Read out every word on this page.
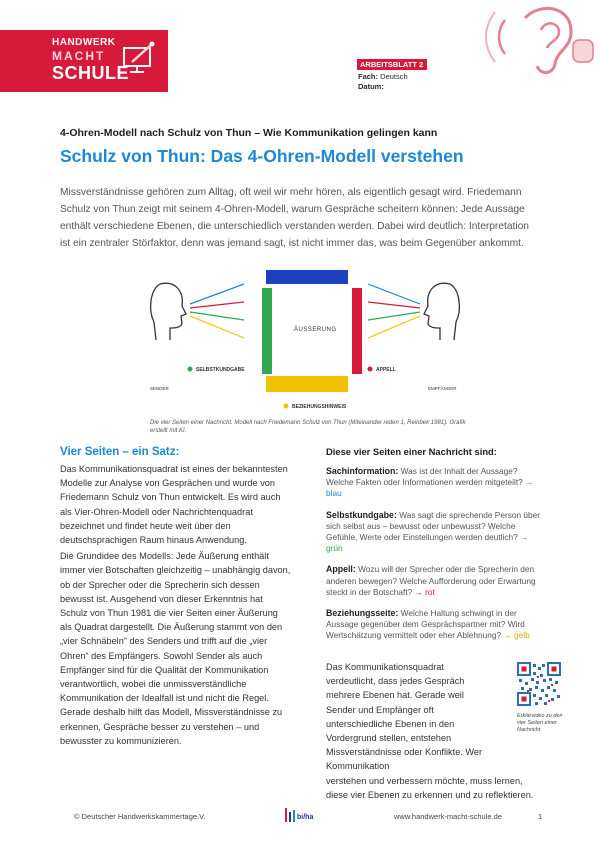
HANDWERK
MACHT
SCHULE	ARBEITSBLATT 2
Fach: Deutsch
Datum:
4-Ohren-Modell nach Schulz von Thun – Wie Kommunikation gelingen kann
Schulz von Thun: Das 4-Ohren-Modell verstehen

Missverständnisse gehören zum Alltag, oft weil wir mehr hören, als eigentlich gesagt wird. Friedemann Schulz von Thun zeigt mit seinem 4-Ohren-Modell, warum Gespräche scheitern können: Jede Aussage enthält verschiedene Ebenen, die unterschiedlich verstanden werden. Dabei wird deutlich: Interpretation ist ein zentraler Störfaktor, denn was jemand sagt, ist nicht immer das, was beim Gegenüber ankommt.

ÄUSSERUNG
SELBSTKUNDGABE	APPELL
BEZIEHUNGSHINWEIS
SENDER	EMPFÄNGER
Die vier Seiten einer Nachricht. Modell nach Friedemann Schulz von Thun (Miteinander reden 1, Reinbek 1981). Grafik erstellt mit KI.
Vier Seiten – ein Satz:

Das Kommunikationsquadrat ist eines der bekanntesten Modelle zur Analyse von Gesprächen und wurde von Friedemann Schulz von Thun entwickelt. Es wird auch als Vier-Ohren-Modell oder Nachrichtenquadrat bezeichnet und findet heute weit über den deutschsprachigen Raum hinaus Anwendung.

Die Grundidee des Modells: Jede Äußerung enthält immer vier Botschaften gleichzeitig – unabhängig davon, ob der Sprecher oder die Sprecherin sich dessen bewusst ist. Ausgehend von dieser Erkenntnis hat Schulz von Thun 1981 die vier Seiten einer Äußerung als Quadrat dargestellt. Die Äußerung stammt von den „vier Schnäbeln“ des Senders und trifft auf die „vier Ohren“ des Empfängers. Sowohl Sender als auch Empfänger sind für die Qualität der Kommunikation verantwortlich, wobei die unmissverständliche Kommunikation der Idealfall ist und nicht die Regel. Gerade deshalb hilft das Modell, Missverständnisse zu erkennen, Gespräche besser zu verstehen – und bewusster zu kommunizieren.

Diese vier Seiten einer Nachricht sind:
Sachinformation: Was ist der Inhalt der Aussage? Welche Fakten oder Informationen werden mitgeteilt? → blau
Selbstkundgabe: Was sagt die sprechende Person über sich selbst aus – bewusst oder unbewusst? Welche Gefühle, Werte oder Einstellungen werden deutlich? → grün
Appell: Wozu will der Sprecher oder die Sprecherin den anderen bewegen? Welche Aufforderung oder Erwartung steckt in der Botschaft? → rot
Beziehungsseite: Welche Haltung schwingt in der Aussage gegenüber dem Gesprächspartner mit? Wird Wertschätzung vermittelt oder eher Ablehnung? → gelb
Das Kommunikationsquadrat verdeutlicht, dass jedes Gespräch mehrere Ebenen hat. Gerade weil Sender und Empfänger oft unterschiedliche Ebenen in den Vordergrund stellen, entstehen Missverständnisse oder Konflikte. Wer Kommunikation
verstehen und verbessern möchte, muss lernen, diese vier Ebenen zu erkennen und zu reflektieren.
Erklärvideo zu den vier Seiten einer Nachricht
© Deutscher Handwerkskammertage.V.	bi/ha	www.handwerk-macht-schule.de	1
